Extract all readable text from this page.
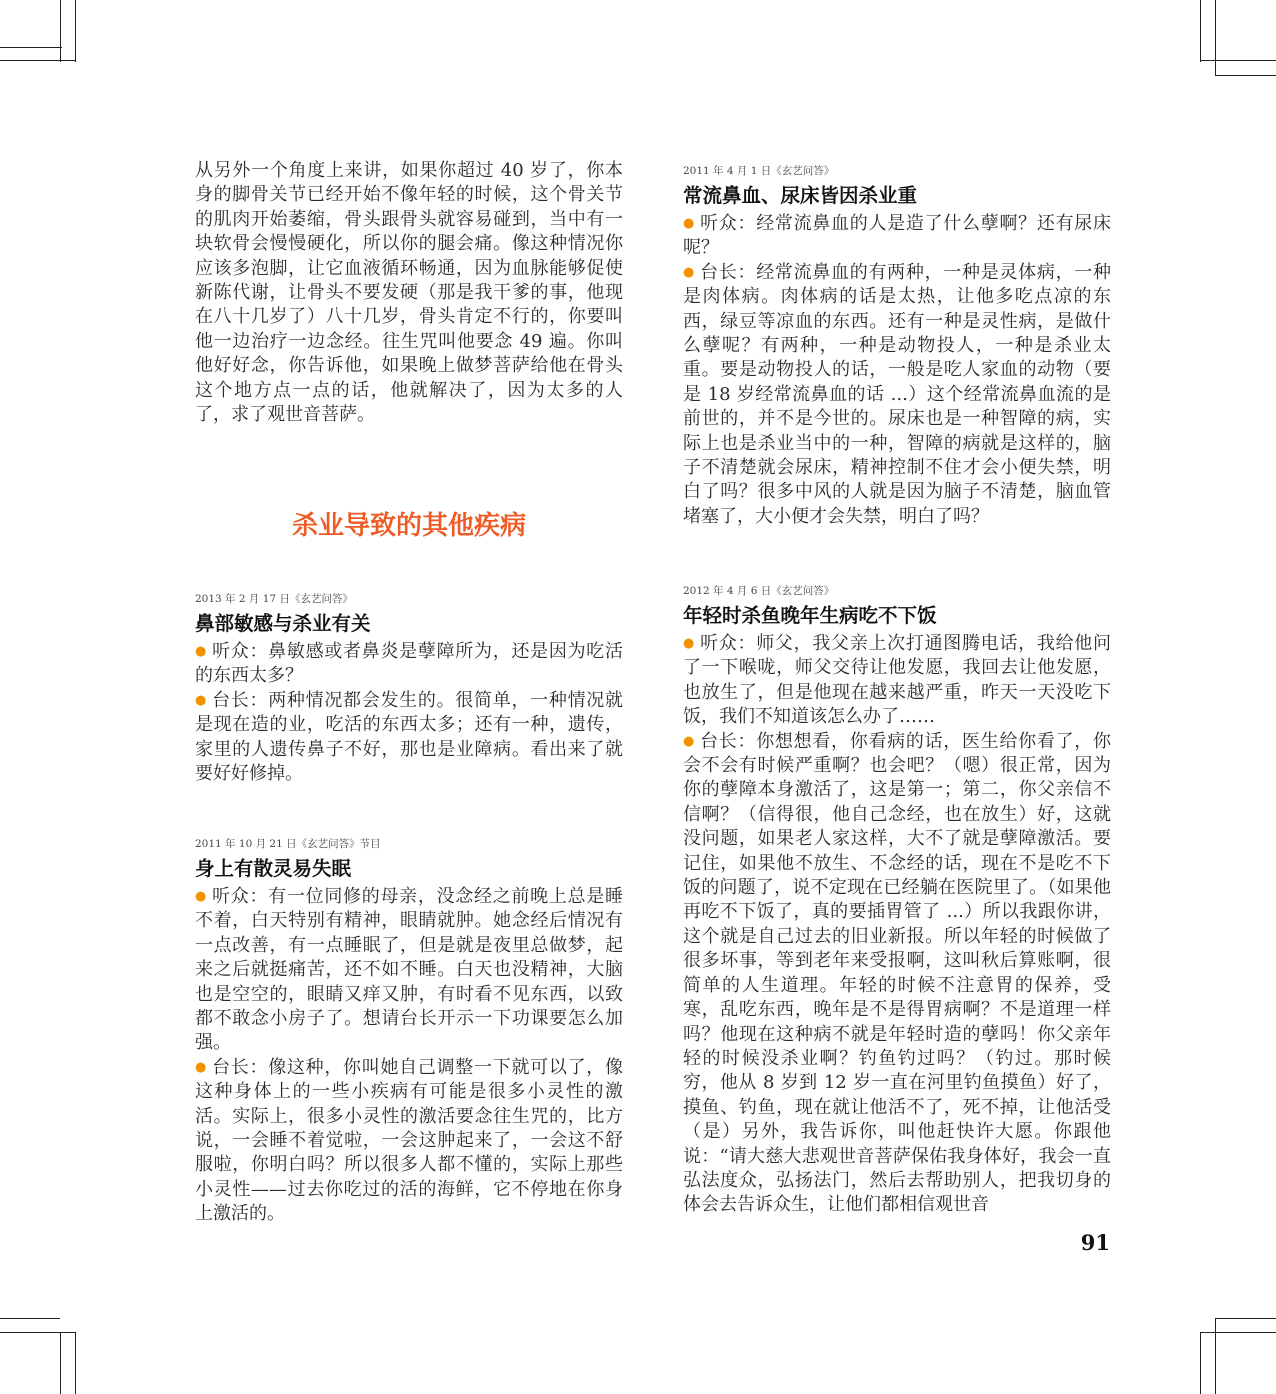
从另外一个角度上来讲，如果你超过 40 岁了，你本身的脚骨关节已经开始不像年轻的时候，这个骨关节的肌肉开始萎缩，骨头跟骨头就容易碰到，当中有一块软骨会慢慢硬化，所以你的腿会痛。像这种情况你应该多泡脚，让它血液循环畅通，因为血脉能够促使新陈代谢，让骨头不要发硬（那是我干爹的事，他现在八十几岁了）八十几岁，骨头肯定不行的，你要叫他一边治疗一边念经。往生咒叫他要念 49 遍。你叫他好好念，你告诉他，如果晚上做梦菩萨给他在骨头这个地方点一点的话，他就解决了，因为太多的人了，求了观世音菩萨。

杀业导致的其他疾病

2013 年 2 月 17 日《玄艺问答》

鼻部敏感与杀业有关

● 听众：鼻敏感或者鼻炎是孽障所为，还是因为吃活的东西太多？

● 台长：两种情况都会发生的。很简单，一种情况就是现在造的业，吃活的东西太多；还有一种，遗传，家里的人遗传鼻子不好，那也是业障病。看出来了就要好好修掉。

2011 年 10 月 21 日《玄艺问答》节目

身上有散灵易失眠

● 听众：有一位同修的母亲，没念经之前晚上总是睡不着，白天特别有精神，眼睛就肿。她念经后情况有一点改善，有一点睡眠了，但是就是夜里总做梦，起来之后就挺痛苦，还不如不睡。白天也没精神，大脑也是空空的，眼睛又痒又肿，有时看不见东西，以致都不敢念小房子了。想请台长开示一下功课要怎么加强。

● 台长：像这种，你叫她自己调整一下就可以了，像这种身体上的一些小疾病有可能是很多小灵性的激活。实际上，很多小灵性的激活要念往生咒的，比方说，一会睡不着觉啦，一会这肿起来了，一会这不舒服啦，你明白吗？所以很多人都不懂的，实际上那些小灵性——过去你吃过的活的海鲜，它不停地在你身上激活的。

2011 年 4 月 1 日《玄艺问答》

常流鼻血、尿床皆因杀业重

● 听众：经常流鼻血的人是造了什么孽啊？还有尿床呢？

● 台长：经常流鼻血的有两种，一种是灵体病，一种是肉体病。肉体病的话是太热，让他多吃点凉的东西，绿豆等凉血的东西。还有一种是灵性病，是做什么孽呢？有两种，一种是动物投人，一种是杀业太重。要是动物投人的话，一般是吃人家血的动物（要是 18 岁经常流鼻血的话 ...）这个经常流鼻血流的是前世的，并不是今世的。尿床也是一种智障的病，实际上也是杀业当中的一种，智障的病就是这样的，脑子不清楚就会尿床，精神控制不住才会小便失禁，明白了吗？很多中风的人就是因为脑子不清楚，脑血管堵塞了，大小便才会失禁，明白了吗？

2012 年 4 月 6 日《玄艺问答》

年轻时杀鱼晚年生病吃不下饭

● 听众：师父，我父亲上次打通图腾电话，我给他问了一下喉咙，师父交待让他发愿，我回去让他发愿，也放生了，但是他现在越来越严重，昨天一天没吃下饭，我们不知道该怎么办了……

● 台长：你想想看，你看病的话，医生给你看了，你会不会有时候严重啊？也会吧？（嗯）很正常，因为你的孽障本身激活了，这是第一；第二，你父亲信不信啊？（信得很，他自己念经，也在放生）好，这就没问题，如果老人家这样，大不了就是孽障激活。要记住，如果他不放生、不念经的话，现在不是吃不下饭的问题了，说不定现在已经躺在医院里了。（如果他再吃不下饭了，真的要插胃管了 ...）所以我跟你讲，这个就是自己过去的旧业新报。所以年轻的时候做了很多坏事，等到老年来受报啊，这叫秋后算账啊，很简单的人生道理。年轻的时候不注意胃的保养，受寒，乱吃东西，晚年是不是得胃病啊？不是道理一样吗？他现在这种病不就是年轻时造的孽吗！你父亲年轻的时候没杀业啊？钓鱼钓过吗？（钓过。那时候穷，他从 8 岁到 12 岁一直在河里钓鱼摸鱼）好了，摸鱼、钓鱼，现在就让他活不了，死不掉，让他活受（是）另外，我告诉你，叫他赶快许大愿。你跟他说：“请大慈大悲观世音菩萨保佑我身体好，我会一直弘法度众，弘扬法门，然后去帮助别人，把我切身的体会去告诉众生，让他们都相信观世音

91
